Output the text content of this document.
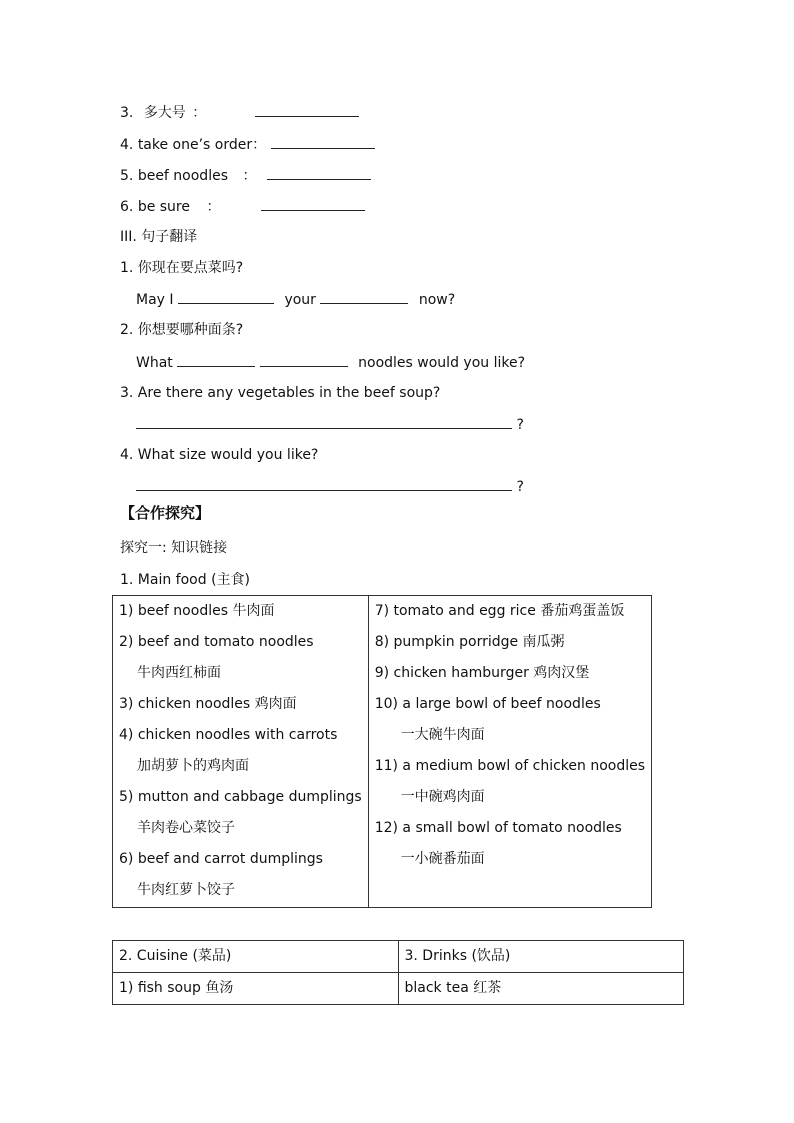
3. 多大号 ：
4. take one’s order：
5. beef noodles ：
6. be sure ：
III. 句子翻译
1. 你现在要点菜吗?
May I	your	now?
2. 你想要哪种面条?
What	noodles would you like?
3. Are there any vegetables in the beef soup?
?
4. What size would you like?
?
【合作探究】
探究一: 知识链接
1. Main food (主食)
1) beef noodles 牛肉面
2) beef and tomato noodles
牛肉西红柿面
3) chicken noodles 鸡肉面
4) chicken noodles with carrots
加胡萝卜的鸡肉面
5) mutton and cabbage dumplings
羊肉卷心菜饺子
6) beef and carrot dumplings
牛肉红萝卜饺子

7) tomato and egg rice 番茄鸡蛋盖饭
8) pumpkin porridge 南瓜粥
9) chicken hamburger 鸡肉汉堡
10) a large bowl of beef noodles
一大碗牛肉面
11) a medium bowl of chicken noodles
一中碗鸡肉面
12) a small bowl of tomato noodles
一小碗番茄面
2. Cuisine (菜品)	3. Drinks (饮品)

1) fish soup 鱼汤	black tea 红茶
